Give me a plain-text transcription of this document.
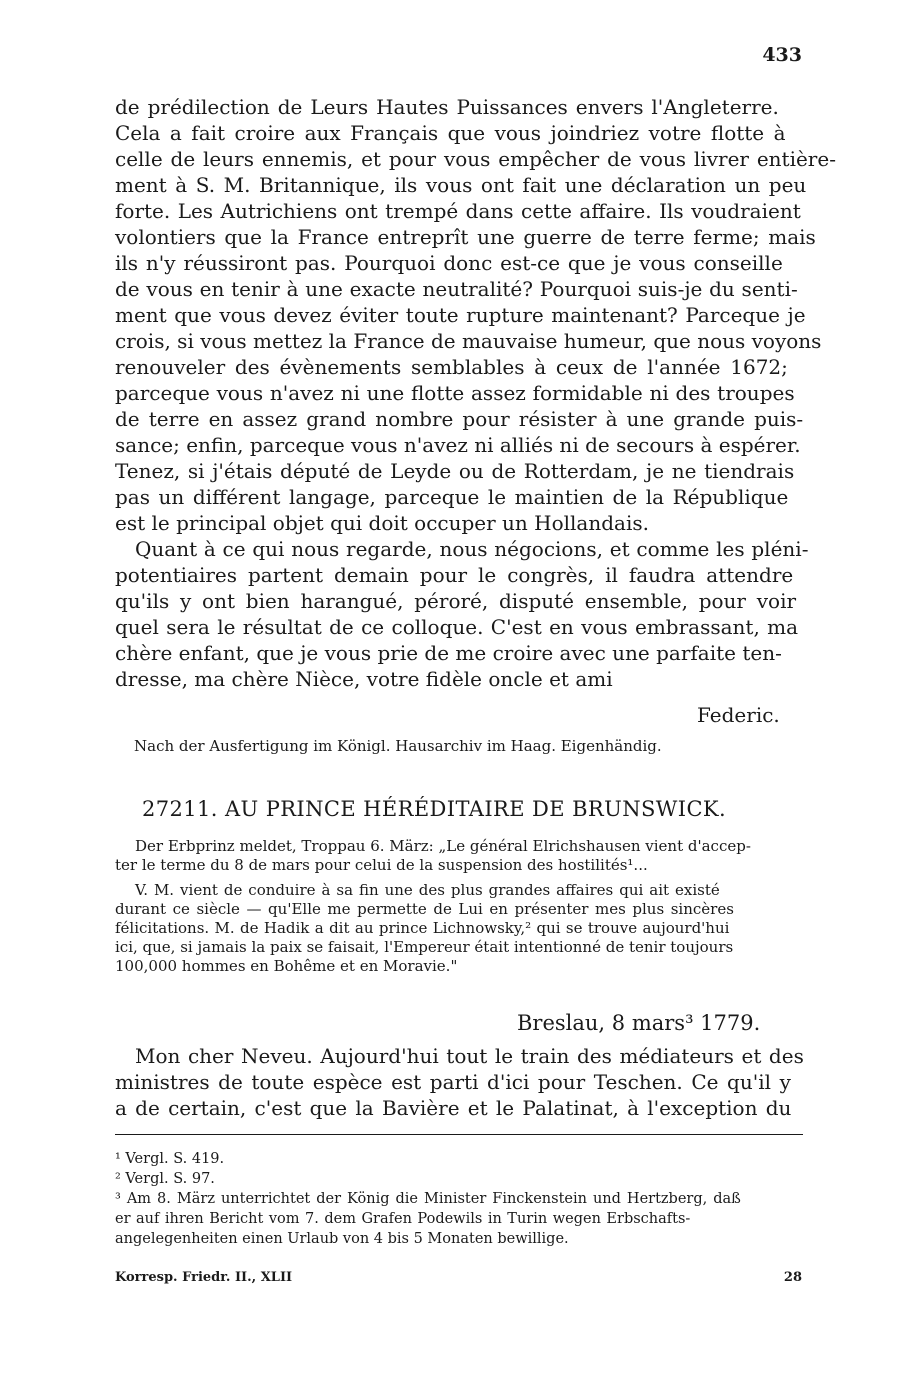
433
de prédilection de Leurs Hautes Puissances envers l'Angleterre.
Cela a fait croire aux Français que vous joindriez votre flotte à
celle de leurs ennemis, et pour vous empêcher de vous livrer entière-
ment à S. M. Britannique, ils vous ont fait une déclaration un peu
forte. Les Autrichiens ont trempé dans cette affaire. Ils voudraient
volontiers que la France entreprît une guerre de terre ferme; mais
ils n'y réussiront pas. Pourquoi donc est-ce que je vous conseille
de vous en tenir à une exacte neutralité? Pourquoi suis-je du senti-
ment que vous devez éviter toute rupture maintenant? Parceque je
crois, si vous mettez la France de mauvaise humeur, que nous voyons
renouveler des évènements semblables à ceux de l'année 1672;
parceque vous n'avez ni une flotte assez formidable ni des troupes
de terre en assez grand nombre pour résister à une grande puis-
sance; enfin, parceque vous n'avez ni alliés ni de secours à espérer.
Tenez, si j'étais député de Leyde ou de Rotterdam, je ne tiendrais
pas un différent langage, parceque le maintien de la République
est le principal objet qui doit occuper un Hollandais.
Quant à ce qui nous regarde, nous négocions, et comme les pléni-
potentiaires partent demain pour le congrès, il faudra attendre
qu'ils y ont bien harangué, péroré, disputé ensemble, pour voir
quel sera le résultat de ce colloque. C'est en vous embrassant, ma
chère enfant, que je vous prie de me croire avec une parfaite ten-
dresse, ma chère Nièce, votre fidèle oncle et ami
Federic.
Nach der Ausfertigung im Königl. Hausarchiv im Haag. Eigenhändig.
27211. AU PRINCE HÉRÉDITAIRE DE BRUNSWICK.
Der Erbprinz meldet, Troppau 6. März: „Le général Elrichshausen vient d'accep-
ter le terme du 8 de mars pour celui de la suspension des hostilités¹...
V. M. vient de conduire à sa fin une des plus grandes affaires qui ait existé
durant ce siècle — qu'Elle me permette de Lui en présenter mes plus sincères
félicitations. M. de Hadik a dit au prince Lichnowsky,² qui se trouve aujourd'hui
ici, que, si jamais la paix se faisait, l'Empereur était intentionné de tenir toujours
100,000 hommes en Bohême et en Moravie."
Breslau, 8 mars³ 1779.
Mon cher Neveu. Aujourd'hui tout le train des médiateurs et des
ministres de toute espèce est parti d'ici pour Teschen. Ce qu'il y
a de certain, c'est que la Bavière et le Palatinat, à l'exception du
¹ Vergl. S. 419.
² Vergl. S. 97.
³ Am 8. März unterrichtet der König die Minister Finckenstein und Hertzberg, daß
er auf ihren Bericht vom 7. dem Grafen Podewils in Turin wegen Erbschafts-
angelegenheiten einen Urlaub von 4 bis 5 Monaten bewillige.
Korresp. Friedr. II., XLII	28
